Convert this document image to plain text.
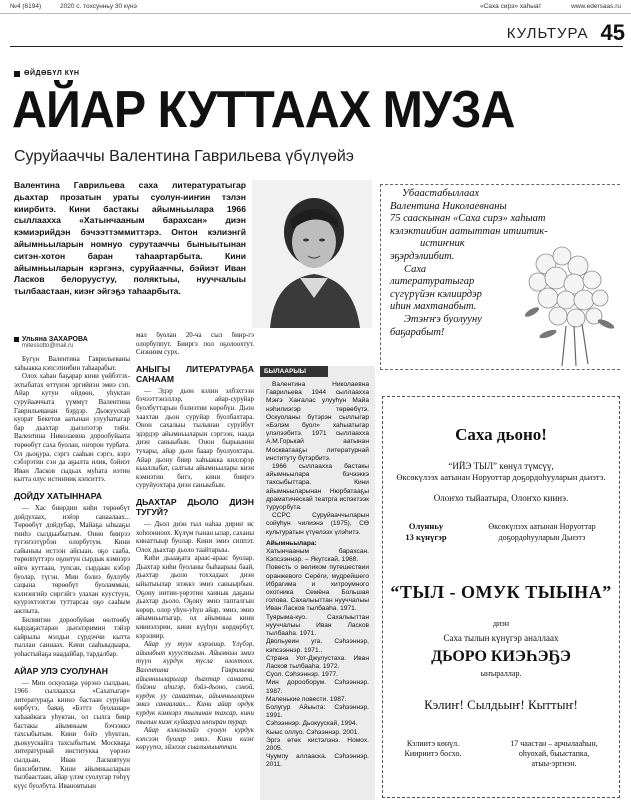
№4 (6194)	2020 с. тохсунньу 30 күнэ	«Саха сирэ» хаһыат	www.edersaas.ru
КУЛЬТУРА 45
ӨЙДӨБҮЛ КҮН
АЙАР КУТТААХ МУЗА
Суруйааччы Валентина Гаврильева үбүлүөйэ
Валентина Гаврильева саха литературатыгар дьахтар прозатын ураты суолун-ииҥин тэлэн киирбитэ. Кини бастакы айымньылара 1966 сыллаахха «Хатынчааным барахсан» диэн кэмиэрийдэн бэчээттэммиттэрэ. Онтон кэлиэнгй айымньыларын номнуо сурутааччы быныытынан ситэн-хотон баран таһаартарбыта. Кини айымньыларын кэргэнэ, суруйааччы, бэйиэт Иван Ласков белоруустуу, поляктыы, нууччалыы тылбаастаан, киэҥ эйгэҕэ таһаарбыта.
Убаастабыллаах
Валентина Николаевнаны
75 сааскынан «Саха сирэ» хаһыат
кэлэктиибин аатыттан итиитик-
истиҥник
эҕэрдэлиибит.
Саха
литературатыгар
сүгүрүйэн кэлиирдэр
иһин махтанабыт.
Этэҥҥэ буолууну
баҕарабыт!
Ульяна ЗАХАРОВА
mitessotto@mail.ru

Бүгүн Валентина Гаврильеваны хаһыакка кэпсэтиибин таһаарабыт.

Олох хаһан баҕарар кини үөйбэтэх-эхтыбатах өттүнэн эргийиэн эмиэ сэп. Айар кутун өйдөөн, уһуктан суруйааччыта үүммүт Валентина Гаврильеванан бэрдэр. Дьокуускай куорат Бекетов аатынан улууһатыгар бар дьахтар дьиэлээтэр тийи. Валентина Николаевна дорообуйаата төрөөбүт саха буолан, оҥорон турбата. Ол дьоҕура, сэргэ сааһын сэргэ, кэрэ сэбэрэтин сэн да аҕылта илик, бэйиэт Иван Ласков сыдьах муһата иэтин кытта олус истиҥник кэпситтэ.

ДОЙДУ ХАТЫННАРА

— Хас биирдии киһи төрөөбүт дойдулаах, иэйэр санаалаах... Төрөөбүт дойдубар, Майаҕа ыһыаҕы тииһэ сылдьыбытым. Онно биирээ түгэҥээтүрбэн олорбутум. Кини сайыныы истээн айсыан, оҕо сааба, төрөппүттэрэ оҕонтун сырдык кэмнэрэ өйгө куттаан, тупсан, сырдаан кэбэр буолар, түгэн. Мин бэлиэ буллубу сацына төрөөбүт буоламмын, кэлиэнгийэ сиргэйгэ улахан куустуун, куурэхтээхтэн туттарсаа оҕо сааһым ааспыта.

Билиигин дорообуйам өөлтөөбү кырдаҕастаран дьиэлэримин тэйэр сайрылы мэлдьи сүрдэччи кытта тыллан саннаах. Кини сааһыыдыара, уоһастыйаҕа наадайбар, тардалбар.

АЙАР УЛЭ СУОЛУНАН

— Мин оскуолаҕа үөрэнэ сылдьан, 1966 сыллаахха «Сахатыгар» литератураҕа киинэ бастаан суруйан көрбүтэ, баяаҕ «Бэттэ буоланар» хаһаайкага уһуктан, ол сылга биир бастакы айымньым бэчээккэ тахсыбытым. Кини бэйэ уһуктан, дьокуускайга тахсыбытым. Москваҕа литературнай институкка үөрэнэ сылдьан, Иван Ласковтуун билсибитим. Кини айымньыларын тылбаастаан, айар үлэм суолугар төһүү күүс буолбута. Ивановтыын

мал буолан 20-ча сыл биир-гэ олорбуппут. Бииргэ пол оҕолоохтут. Сизниим сурх.

АНЫГЫ ЛИТЕРАТУРАҔА САНААМ

— Эдэр дьон кэлин элбэхтээн бэчээттэнэллэр, айар-суруйар буолбуттарын бэлиэтии көрөбүн. Дьон хаахтан дьон суруйар буолбахтара. Онон сахалыы тылынан суруйбут эдэрдэр айымньыларын сэргээн, наада диэн саныыбын. Онон бырыыннн тухары, айар дьон бааар буолуохтара. Айар дьону биир хаһыакка киллэрэр кыаллыбат, салгыы айымньылары киэн кэмнэтин бигэ, кини бииргэ суруйуохтара диэн саныыбын.

ДЬАХТАР ДЬОЛО ДИЭН ТУГУЙ?

— Дьол диэн тыл наһаа дириҥ ис хоһоонноох. Күлүм гынан ылар, саханы кинаттыыр буолар. Кини эмиэ сиппэт. Олох дьахтар дьоло таайтарыы.

Киһи дьыаҕата араас-араас буолар. Дьахтар киһи буоланы быһаарыы баай, дьахтар дьоло тоххадаах диэн ыйытыылар элэккэ эмиэ саныырбын. Оҕону иитии-үөрэтии ханнык даҕаны дьахтар дьоло. Оҕону эмиэ тапталгын көрөр, олор уһун-уһун айар, эмиэ, эмиэ айымньытыгар, ол айымньы кини киинэлэрин, кини күүһүн көрдөрбүт, кэрэлиир.

Айар уу туун кэрэлиир. Үлүбэр, айыыбыт кууустыгын. Айымньы эмиэ түүн күрдүк тусла олохтоох. Валентина Гаврильева айымньыларыгар дьахтар санаата, бэйэни иһигэр, бэйэ-дьоно, сэмэй, курдук уу санаатын, айымньыларын эмиэ санаалаах... Кини айар ордук курдук кэмнэрэ тылынан тахсар, кини тылын киэҥ куйаарга ыҥыран турар.

Айар кэлиэнгийэ суолун курдук кэпсээн буолар эмиэ. Кини киэҥ көрүүтэ, эйэлээх сыалыныыттан.

БЫЛААРЫЫ

Валентина Николаевна Гаврильева 1944 сыллаахха Мэҥэ Хаҥалас улууһун Майа нэһилиэгэр төрөөбүтэ. Оскуоланы бүтэрэн сыллыгар «Бэлэм буол» хаһыатыгар үлэлээбитэ. 1971 сыллаахха А.М.Горькай аатынан Москватааҕы литературнай институту бүтэрбитэ.

1966 сыллаахха бастакы айымньылара бэчээккэ тахсыбыттара. Кини айымньыларынан Нюрбатааҕы драматическай театрга испэктээк туруорбута.

ССРС Суруйааччыларын сойуһун чилиэнэ (1975), СӨ культуратын үтүөлээх үлэһитэ.

Айымньылара:
Хатынчааным барахсан. Кэпсээннэр. – Якутскай, 1968.
Повесть о великом путешествии оранжевого Серёги, мудрейшего Ибрагима и хитроумного охотника Семёна Большая голова. Сахалыыттан нууччалыы Иван Ласков тылбааһа. 1971.
Туярыма-куо. Сахалыыттан нууччалыы Иван Ласков тылбааһа. 1971.
Двольуеин уга. Сэһээннэр, кэпсээннэр. 1971..
Страна Уот-Джулустаха. Иван Ласков тылбааһа. 1972.
Суол. Сэһээннэр. 1977.
Мин дорооборум. Сэһээннэр. 1987.
Маленькие повести. 1987.
Болугур Айыыта: Сэһээннэр. 1991.
Сэһээннэр. Дьокуускай, 1994.
Кыыс оллуо. Сэһээннэр. 2001.
Эргэ өтөх кистэлэнэ. Номох. 2005.
Чуумпу аллааска. Сэһээннэр. 2011.
Саха дьоно!
“ИЙЭ ТЫЛ” көнүл түмсүү,
Өксөкүлээх аатынан Норуоттар доҕордоһууларын дьиэтэ.
Олоҥхо тыйаатыра, Олоҥхо киинэ.
Олунньу
13 күнүгэр
Өксөкүлээх аатынан Норуоттар
доҕордоһууларын Дьиэтэ
“ТЫЛ - ОМУК ТЫЫНА”
диэн
Саха тылын күнүгэр аналлаах
ДЬОРО КИЭҺЭҔЭ
ыҥыраллар.
Кэлиҥ! Сылдьыҥ! Кыттыҥ!
Кэлиитэ көнүл.
Киириитэ босхо.
17 чаастан – арчылааһын,
оһуохай, быыстапка,
атыы-эргиэн.
